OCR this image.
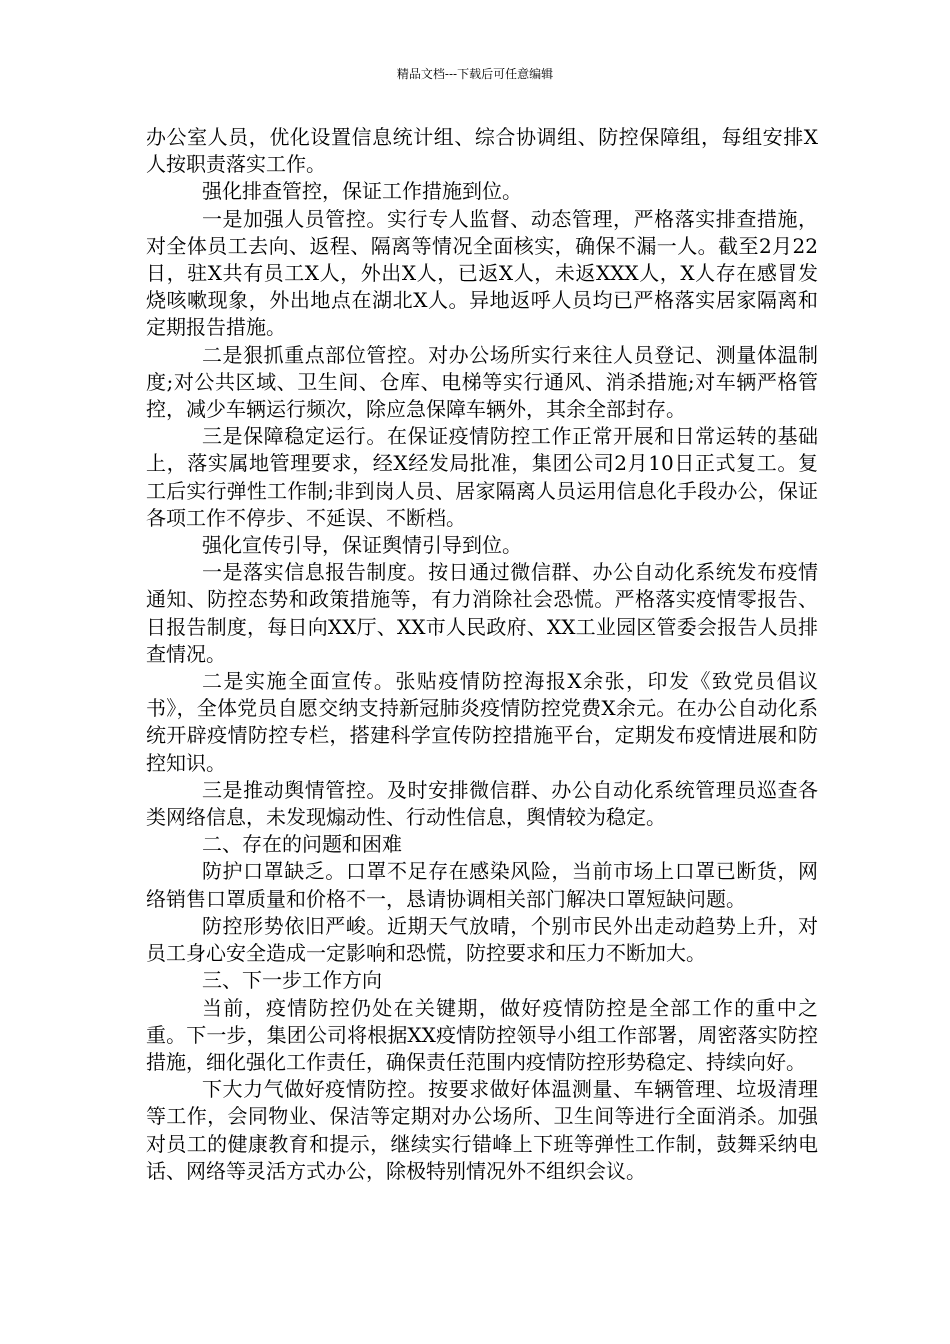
精品文档---下载后可任意编辑

办公室人员，优化设置信息统计组、综合协调组、防控保障组，每组安排X人按职责落实工作。

强化排查管控，保证工作措施到位。

一是加强人员管控。实行专人监督、动态管理，严格落实排查措施，对全体员工去向、返程、隔离等情况全面核实，确保不漏一人。截至2月22日，驻X共有员工X人，外出X人，已返X人，未返XXX人，X人存在感冒发烧咳嗽现象，外出地点在湖北X人。异地返呼人员均已严格落实居家隔离和定期报告措施。

二是狠抓重点部位管控。对办公场所实行来往人员登记、测量体温制度;对公共区域、卫生间、仓库、电梯等实行通风、消杀措施;对车辆严格管控，减少车辆运行频次，除应急保障车辆外，其余全部封存。

三是保障稳定运行。在保证疫情防控工作正常开展和日常运转的基础上，落实属地管理要求，经X经发局批准，集团公司2月10日正式复工。复工后实行弹性工作制;非到岗人员、居家隔离人员运用信息化手段办公，保证各项工作不停步、不延误、不断档。

强化宣传引导，保证舆情引导到位。

一是落实信息报告制度。按日通过微信群、办公自动化系统发布疫情通知、防控态势和政策措施等，有力消除社会恐慌。严格落实疫情零报告、日报告制度，每日向XX厅、XX市人民政府、XX工业园区管委会报告人员排查情况。

二是实施全面宣传。张贴疫情防控海报X余张，印发《致党员倡议书》，全体党员自愿交纳支持新冠肺炎疫情防控党费X余元。在办公自动化系统开辟疫情防控专栏，搭建科学宣传防控措施平台，定期发布疫情进展和防控知识。

三是推动舆情管控。及时安排微信群、办公自动化系统管理员巡查各类网络信息，未发现煽动性、行动性信息，舆情较为稳定。

二、存在的问题和困难

防护口罩缺乏。口罩不足存在感染风险，当前市场上口罩已断货，网络销售口罩质量和价格不一，恳请协调相关部门解决口罩短缺问题。

防控形势依旧严峻。近期天气放晴，个别市民外出走动趋势上升，对员工身心安全造成一定影响和恐慌，防控要求和压力不断加大。

三、下一步工作方向

当前，疫情防控仍处在关键期，做好疫情防控是全部工作的重中之重。下一步，集团公司将根据XX疫情防控领导小组工作部署，周密落实防控措施，细化强化工作责任，确保责任范围内疫情防控形势稳定、持续向好。

下大力气做好疫情防控。按要求做好体温测量、车辆管理、垃圾清理等工作，会同物业、保洁等定期对办公场所、卫生间等进行全面消杀。加强对员工的健康教育和提示，继续实行错峰上下班等弹性工作制，鼓舞采纳电话、网络等灵活方式办公，除极特别情况外不组织会议。
